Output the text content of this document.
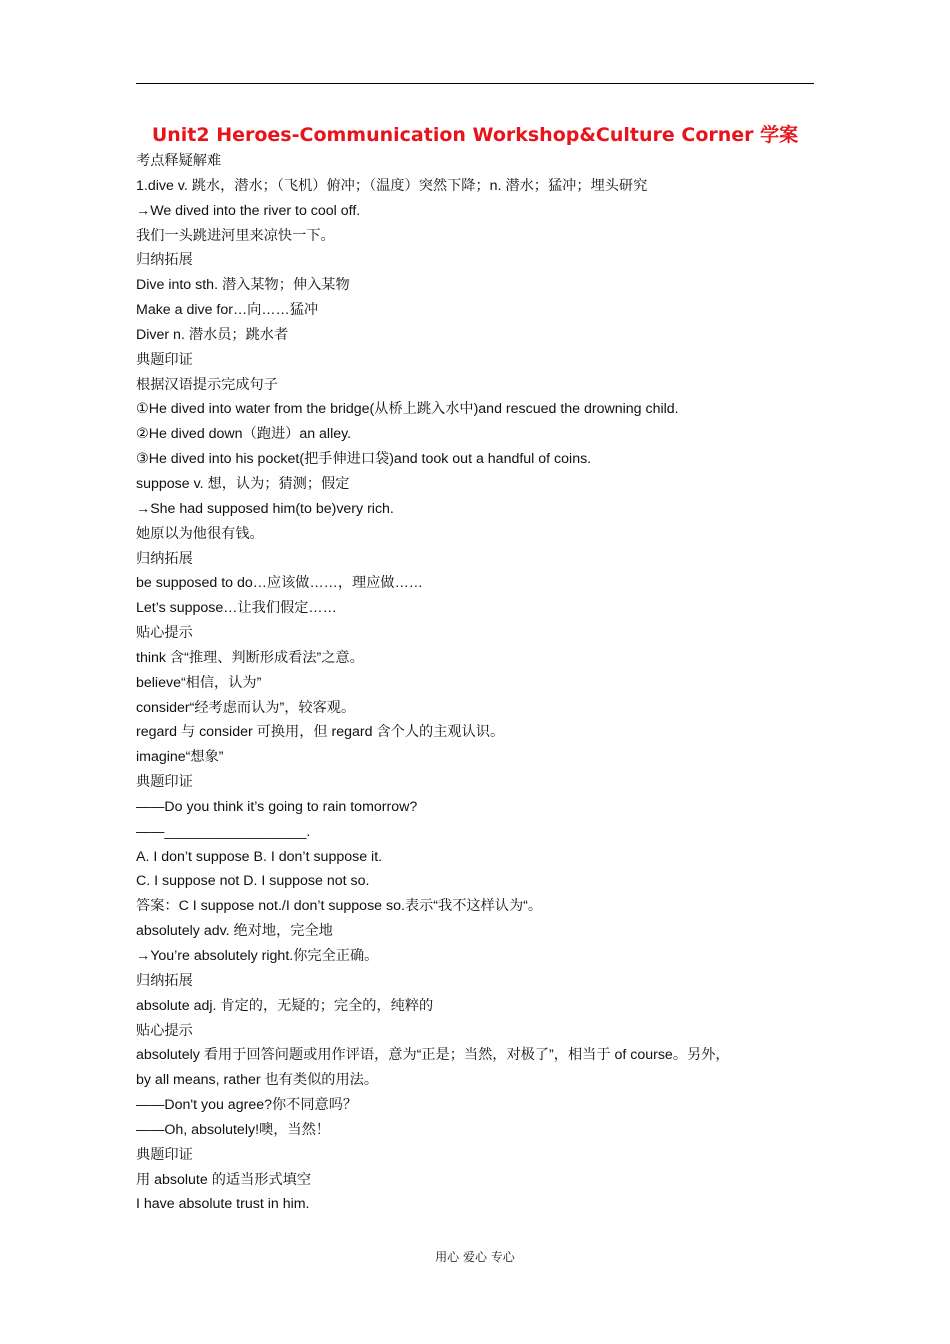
Unit2 Heroes-Communication Workshop&Culture Corner 学案
考点释疑解难
1.dive v. 跳水，潜水；（飞机）俯冲；（温度）突然下降；n. 潜水；猛冲；埋头研究
→We dived into the river to cool off.
我们一头跳进河里来凉快一下。
归纳拓展
Dive into sth. 潜入某物；伸入某物
Make a dive for…向……猛冲
Diver n. 潜水员；跳水者
典题印证
根据汉语提示完成句子
①He dived into water from the bridge(从桥上跳入水中)and rescued the drowning child.
②He dived down（跑进）an alley.
③He dived into his pocket(把手伸进口袋)and took out a handful of coins.
suppose v. 想，认为；猜测；假定
→She had supposed him(to be)very rich.
她原以为他很有钱。
归纳拓展
be supposed to do…应该做……，理应做……
Let’s suppose…让我们假定……
贴心提示
think 含“推理、判断形成看法”之意。
believe“相信，认为”
consider“经考虑而认为”，较客观。
regard 与 consider 可换用，但 regard 含个人的主观认识。
imagine“想象”
典题印证
——Do you think it’s going to rain tomorrow?
——__________________.
A. I don’t suppose B. I don’t suppose it.
C. I suppose not D. I suppose not so.
答案：C I suppose not./I don’t suppose so.表示“我不这样认为“。
absolutely adv. 绝对地，完全地
→You’re absolutely right.你完全正确。
归纳拓展
absolute adj. 肯定的，无疑的；完全的，纯粹的
贴心提示
absolutely 看用于回答问题或用作评语，意为“正是；当然，对极了”，相当于 of course。另外，
by all means, rather 也有类似的用法。
——Don't you agree?你不同意吗？
——Oh, absolutely!噢，当然！
典题印证
用 absolute 的适当形式填空
I have absolute trust in him.
用心 爱心 专心
